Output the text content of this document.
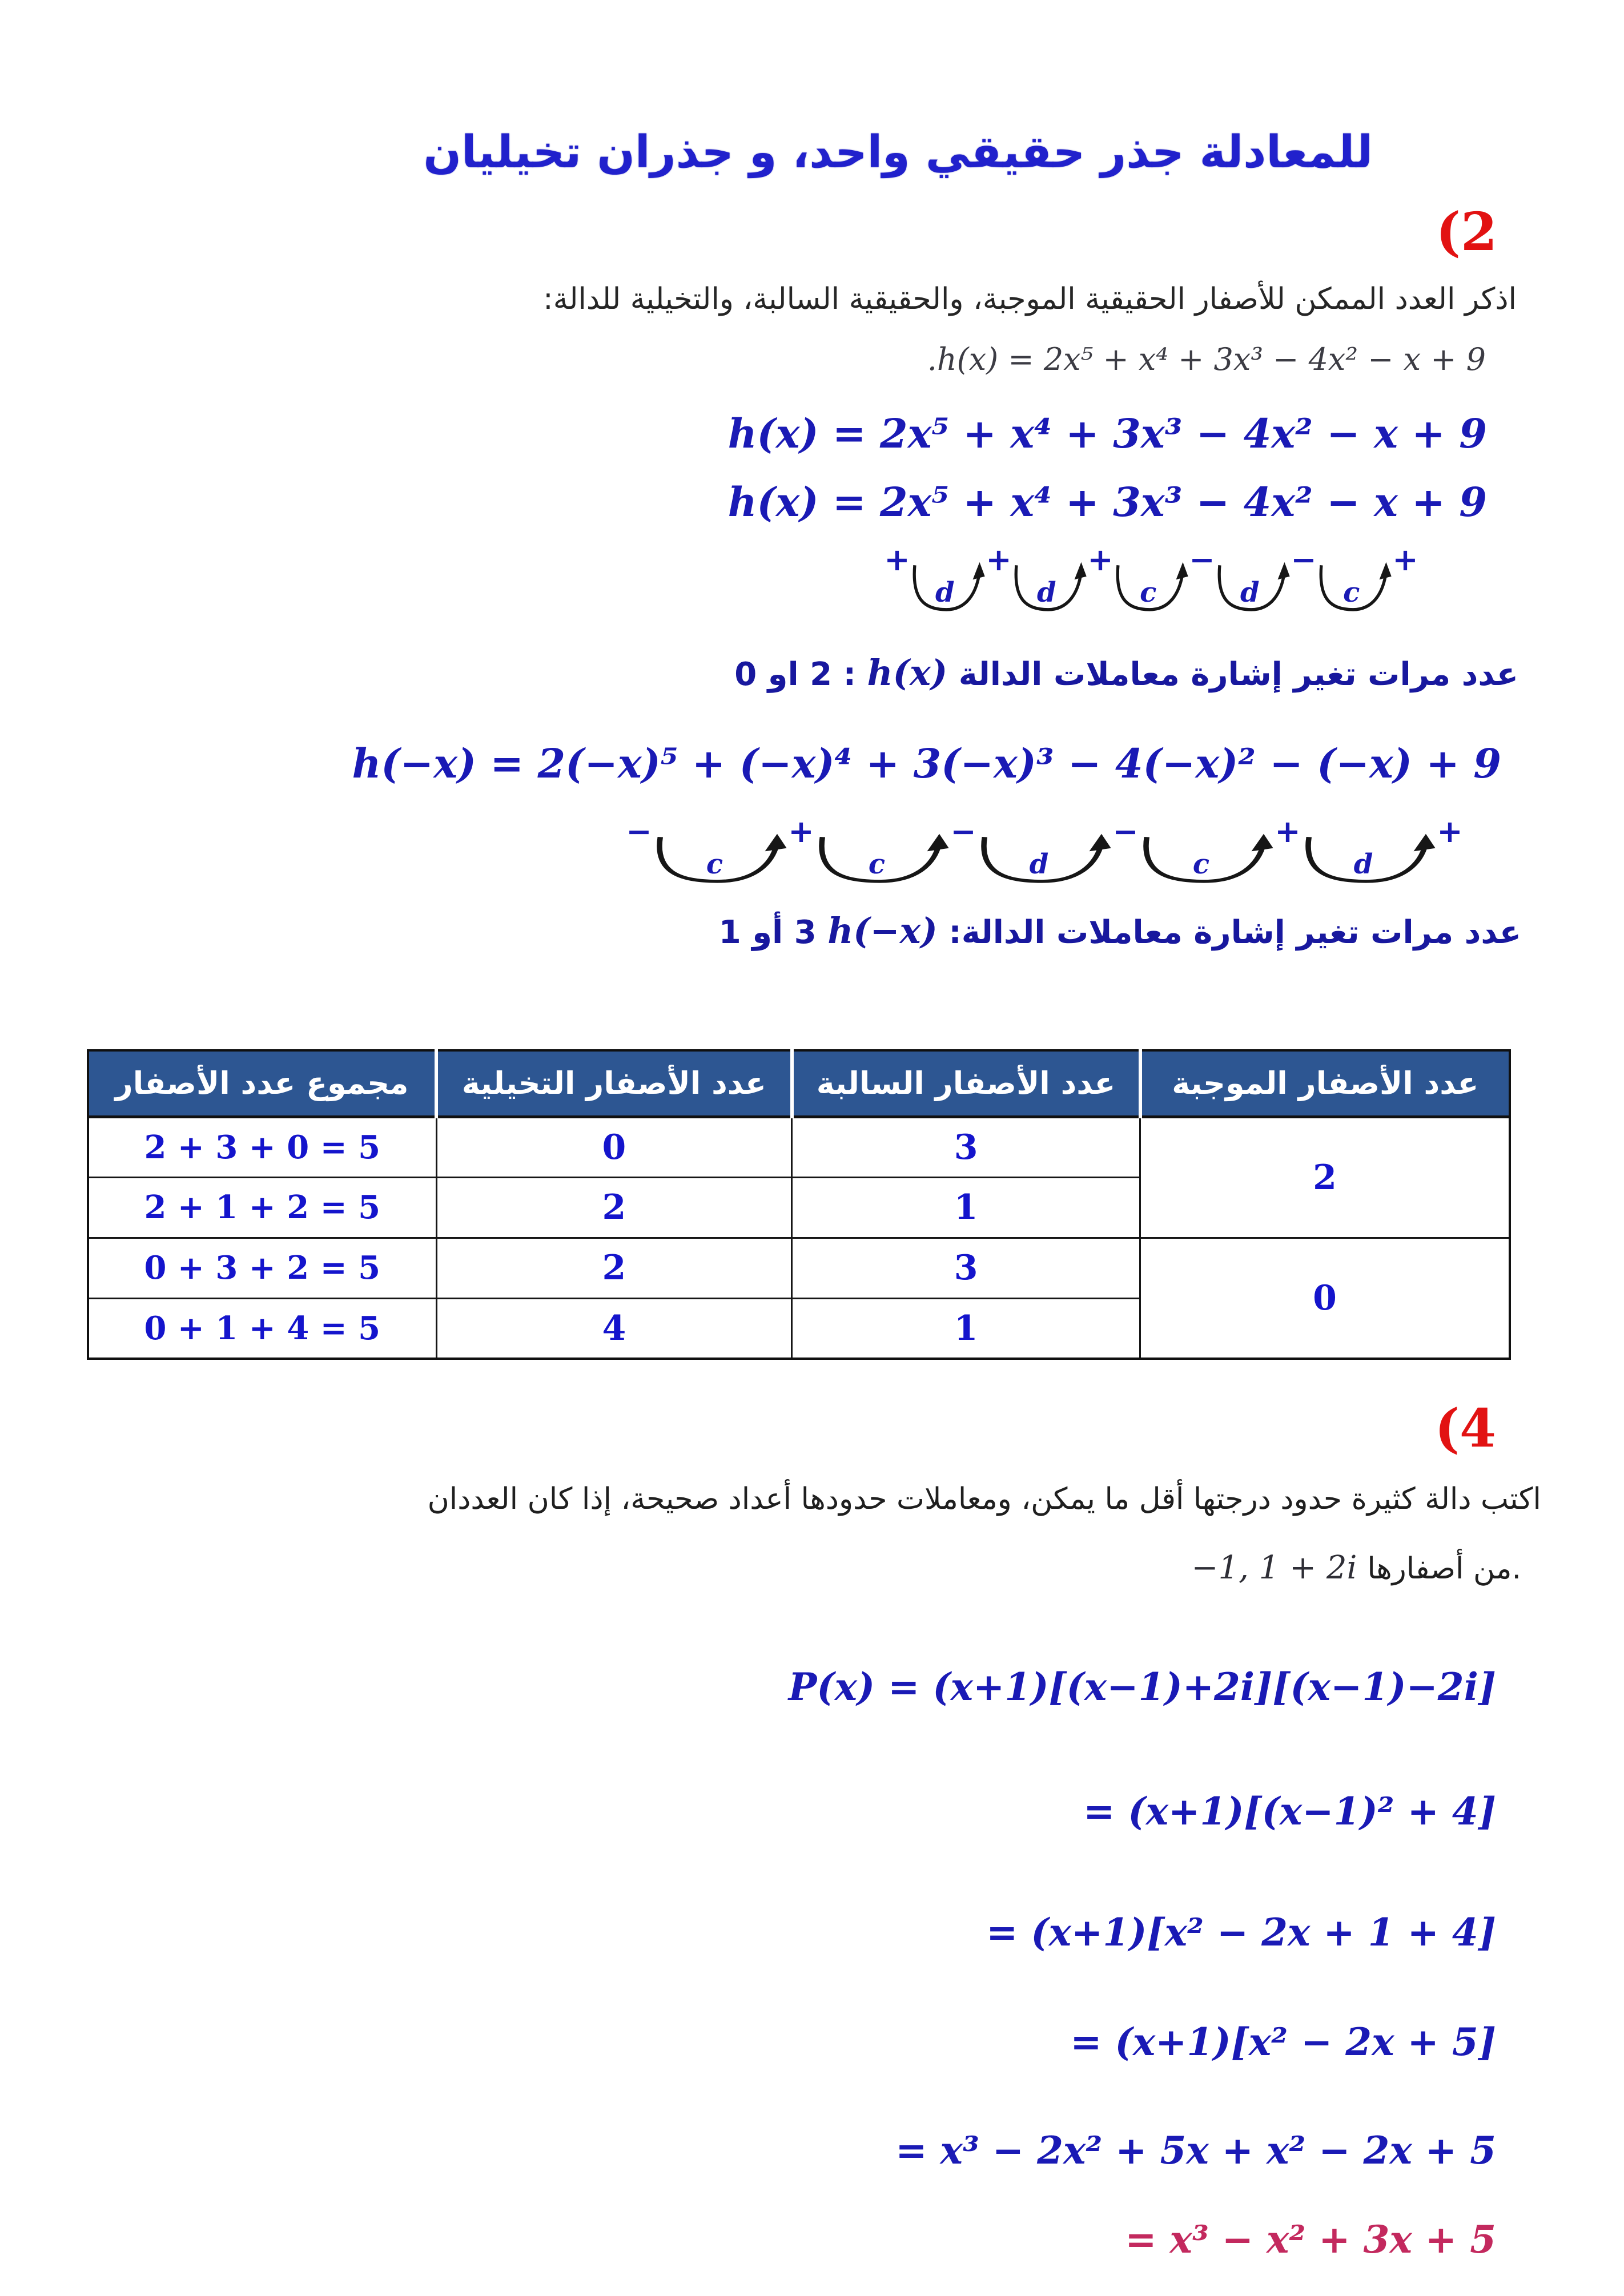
للمعادلة جذر حقيقي واحد، و جذران تخيليان
(2
اذكر العدد الممكن للأصفار الحقيقية الموجبة، والحقيقية السالبة، والتخيلية للدالة:
.h(x) = 2x⁵ + x⁴ + 3x³ − 4x² − x + 9
h(x) = 2x⁵ + x⁴ + 3x³ − 4x² − x + 9
h(x) = 2x⁵ + x⁴ + 3x³ − 4x² − x + 9
+
d
+
d
+
c
−
d
−
c
+
عدد مرات تغير إشارة معاملات الدالة h(x) : 2 او 0
h(−x) = 2(−x)⁵ + (−x)⁴ + 3(−x)³ − 4(−x)² − (−x) + 9
−
c
+
c
−
d
−
c
+
d
+
عدد مرات تغير إشارة معاملات الدالة: h(−x) 3 أو 1
عدد الأصفار الموجبة	عدد الأصفار السالبة	عدد الأصفار التخيلية	مجموع عدد الأصفار
2	3	0	2 + 3 + 0 = 5
	1	2	2 + 1 + 2 = 5
0	3	2	0 + 3 + 2 = 5
	1	4	0 + 1 + 4 = 5
(4
اكتب دالة كثيرة حدود درجتها أقل ما يمكن، ومعاملات حدودها أعداد صحيحة، إذا كان العددان
−1, 1 + 2i من أصفارها.
P(x) = (x+1)[(x−1)+2i][(x−1)−2i]
= (x+1)[(x−1)² + 4]
= (x+1)[x² − 2x + 1 + 4]
= (x+1)[x² − 2x + 5]
= x³ − 2x² + 5x + x² − 2x + 5
= x³ − x² + 3x + 5
